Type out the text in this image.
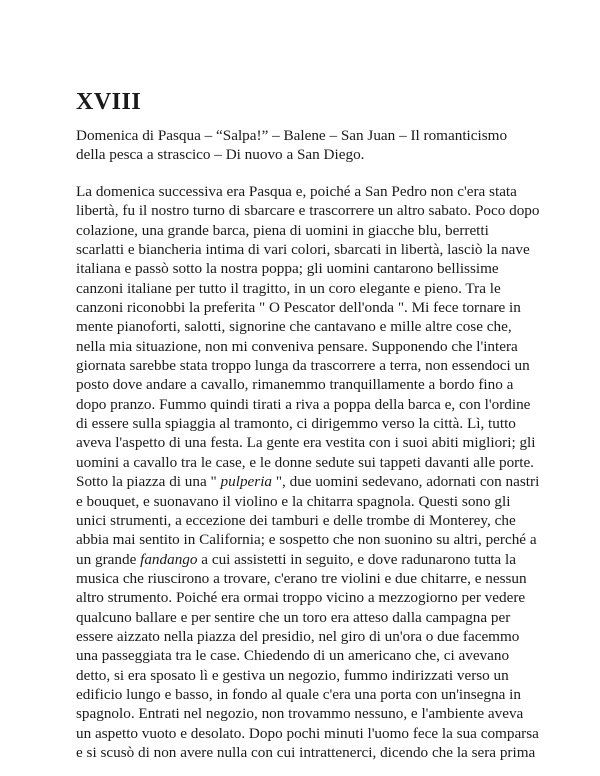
XVIII

Domenica di Pasqua – “Salpa!” – Balene – San Juan – Il romanticismo
della pesca a strascico – Di nuovo a San Diego.

La domenica successiva era Pasqua e, poiché a San Pedro non c'era stata
libertà, fu il nostro turno di sbarcare e trascorrere un altro sabato. Poco dopo
colazione, una grande barca, piena di uomini in giacche blu, berretti
scarlatti e biancheria intima di vari colori, sbarcati in libertà, lasciò la nave
italiana e passò sotto la nostra poppa; gli uomini cantarono bellissime
canzoni italiane per tutto il tragitto, in un coro elegante e pieno. Tra le
canzoni riconobbi la preferita " O Pescator dell'onda ". Mi fece tornare in
mente pianoforti, salotti, signorine che cantavano e mille altre cose che,
nella mia situazione, non mi conveniva pensare. Supponendo che l'intera
giornata sarebbe stata troppo lunga da trascorrere a terra, non essendoci un
posto dove andare a cavallo, rimanemmo tranquillamente a bordo fino a
dopo pranzo. Fummo quindi tirati a riva a poppa della barca e, con l'ordine
di essere sulla spiaggia al tramonto, ci dirigemmo verso la città. Lì, tutto
aveva l'aspetto di una festa. La gente era vestita con i suoi abiti migliori; gli
uomini a cavallo tra le case, e le donne sedute sui tappeti davanti alle porte.
Sotto la piazza di una " pulperia ", due uomini sedevano, adornati con nastri
e bouquet, e suonavano il violino e la chitarra spagnola. Questi sono gli
unici strumenti, a eccezione dei tamburi e delle trombe di Monterey, che
abbia mai sentito in California; e sospetto che non suonino su altri, perché a
un grande fandango a cui assistetti in seguito, e dove radunarono tutta la
musica che riuscirono a trovare, c'erano tre violini e due chitarre, e nessun
altro strumento. Poiché era ormai troppo vicino a mezzogiorno per vedere
qualcuno ballare e per sentire che un toro era atteso dalla campagna per
essere aizzato nella piazza del presidio, nel giro di un'ora o due facemmo
una passeggiata tra le case. Chiedendo di un americano che, ci avevano
detto, si era sposato lì e gestiva un negozio, fummo indirizzati verso un
edificio lungo e basso, in fondo al quale c'era una porta con un'insegna in
spagnolo. Entrati nel negozio, non trovammo nessuno, e l'ambiente aveva
un aspetto vuoto e desolato. Dopo pochi minuti l'uomo fece la sua comparsa
e si scusò di non avere nulla con cui intrattenerci, dicendo che la sera prima
